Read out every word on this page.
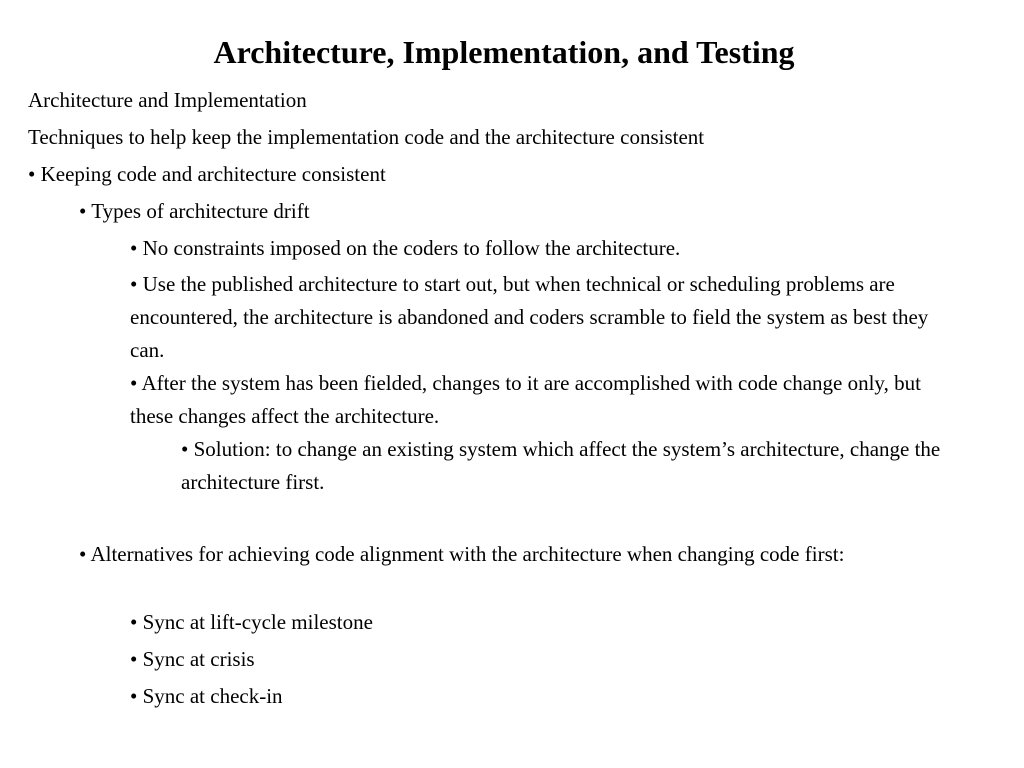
Architecture, Implementation, and Testing

Architecture and Implementation

Techniques to help keep the implementation code and the architecture consistent

• Keeping code and architecture consistent

• Types of architecture drift

• No constraints imposed on the coders to follow the architecture.

• Use the published architecture to start out, but when technical or scheduling problems are encountered, the architecture is abandoned and coders scramble to field the system as best they can.

• After the system has been fielded, changes to it are accomplished with code change only, but these changes affect the architecture.

• Solution: to change an existing system which affect the system’s architecture, change the architecture first.

• Alternatives for achieving code alignment with the architecture when changing code first:

• Sync at lift-cycle milestone

• Sync at crisis

• Sync at check-in
